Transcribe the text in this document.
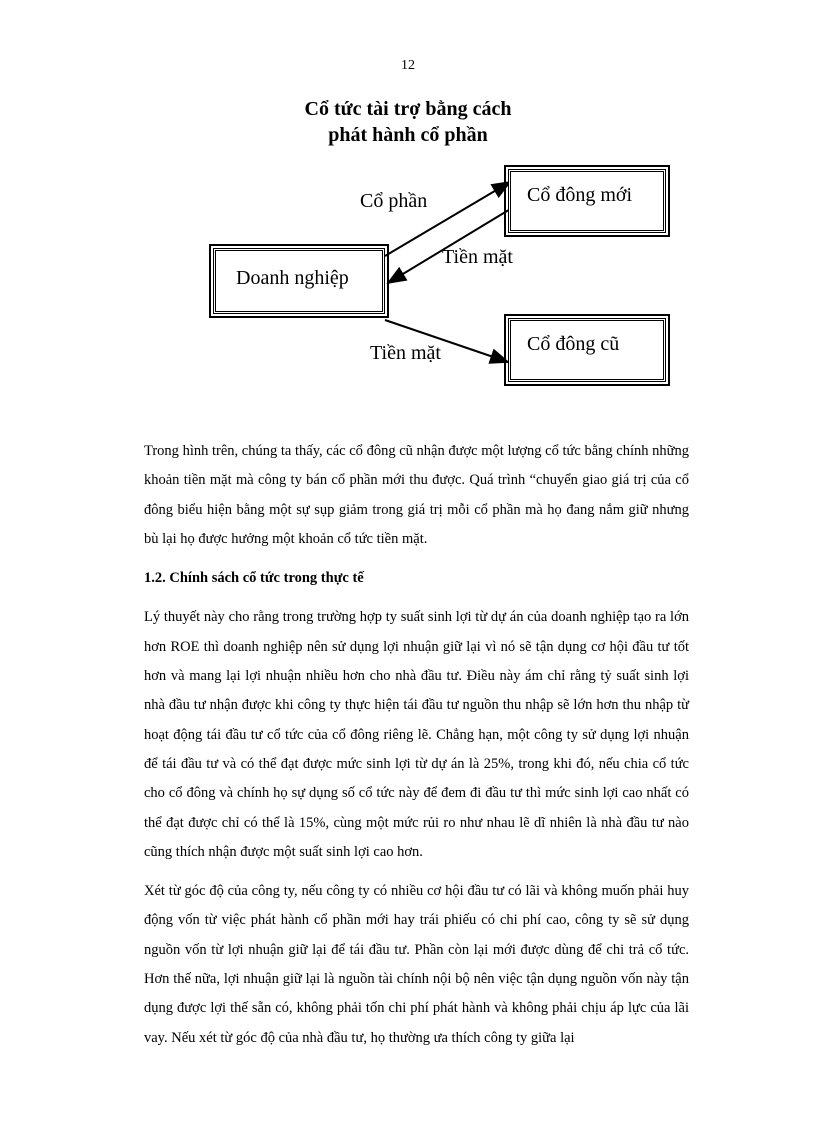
12
Cổ tức tài trợ bằng cách
phát hành cổ phần
Doanh nghiệp
Cổ đông mới
Cổ đông cũ
Cổ phần
Tiền mặt
Tiền mặt

Trong hình trên, chúng ta thấy, các cổ đông cũ nhận được một lượng cổ tức bằng chính những khoản tiền mặt mà công ty bán cổ phần mới thu được. Quá trình “chuyển giao giá trị của cổ đông biểu hiện bằng một sự sụp giảm trong giá trị mỗi cổ phần mà họ đang nắm giữ nhưng bù lại họ được hưởng một khoản cổ tức tiền mặt.

1.2. Chính sách cổ tức trong thực tế

Lý thuyết này cho rằng trong trường hợp ty suất sinh lợi từ dự án của doanh nghiệp tạo ra lớn hơn ROE thì doanh nghiệp nên sử dụng lợi nhuận giữ lại vì nó sẽ tận dụng cơ hội đầu tư tốt hơn và mang lại lợi nhuận nhiều hơn cho nhà đầu tư. Điều này ám chỉ rằng tỷ suất sinh lợi nhà đầu tư nhận được khi công ty thực hiện tái đầu tư nguồn thu nhập sẽ lớn hơn thu nhập từ hoạt động tái đầu tư cổ tức của cổ đông riêng lẽ. Chẳng hạn, một công ty sử dụng lợi nhuận để tái đầu tư và có thể đạt được mức sinh lợi từ dự án là 25%, trong khi đó, nếu chia cổ tức cho cổ đông và chính họ sự dụng số cổ tức này để đem đi đầu tư thì mức sinh lợi cao nhất có thể đạt được chỉ có thể là 15%, cùng một mức rủi ro như nhau lẽ dĩ nhiên là nhà đầu tư nào cũng thích nhận được một suất sinh lợi cao hơn.

Xét từ góc độ của công ty, nếu công ty có nhiều cơ hội đầu tư có lãi và không muốn phải huy động vốn từ việc phát hành cổ phần mới hay trái phiếu có chi phí cao, công ty sẽ sử dụng nguồn vốn từ lợi nhuận giữ lại để tái đầu tư. Phần còn lại mới được dùng để chi trả cổ tức. Hơn thế nữa, lợi nhuận giữ lại là nguồn tài chính nội bộ nên việc tận dụng nguồn vốn này tận dụng được lợi thế sẵn có, không phải tốn chi phí phát hành và không phải chịu áp lực của lãi vay. Nếu xét từ góc độ của nhà đầu tư, họ thường ưa thích công ty giữa lại
